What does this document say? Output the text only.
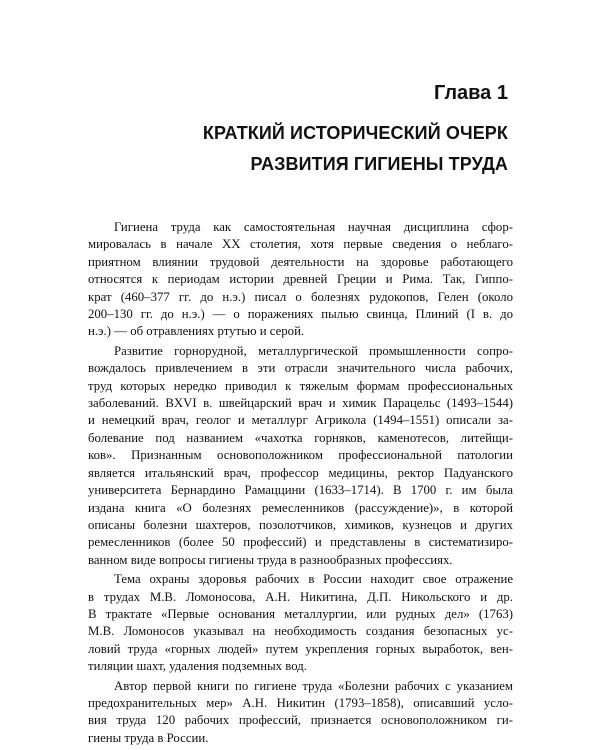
Глава 1
КРАТКИЙ ИСТОРИЧЕСКИЙ ОЧЕРК
РАЗВИТИЯ ГИГИЕНЫ ТРУДА
Гигиена труда как самостоятельная научная дисциплина сфор-
мировалась в начале XX столетия, хотя первые сведения о неблаго-
приятном влиянии трудовой деятельности на здоровье работающего
относятся к периодам истории древней Греции и Рима. Так, Гиппо-
крат (460–377 гг. до н.э.) писал о болезнях рудокопов, Гелен (около
200–130 гг. до н.э.) — о поражениях пылью свинца, Плиний (I в. до
н.э.) — об отравлениях ртутью и серой.
Развитие горнорудной, металлургической промышленности сопро-
вождалось привлечением в эти отрасли значительного числа рабочих,
труд которых нередко приводил к тяжелым формам профессиональных
заболеваний. ВXVI в. швейцарский врач и химик Парацельс (1493–1544)
и немецкий врач, геолог и металлург Агрикола (1494–1551) описали за-
болевание под названием «чахотка горняков, каменотесов, литейщи-
ков». Признанным основоположником профессиональной патологии
является итальянский врач, профессор медицины, ректор Падуанского
университета Бернардино Рамаццини (1633–1714). В 1700 г. им была
издана книга «О болезнях ремесленников (рассуждение)», в которой
описаны болезни шахтеров, позолотчиков, химиков, кузнецов и других
ремесленников (более 50 профессий) и представлены в систематизиро-
ванном виде вопросы гигиены труда в разнообразных профессиях.
Тема охраны здоровья рабочих в России находит свое отражение
в трудах М.В. Ломоносова, А.Н. Никитина, Д.П. Никольского и др.
В трактате «Первые основания металлургии, или рудных дел» (1763)
М.В. Ломоносов указывал на необходимость создания безопасных ус-
ловий труда «горных людей» путем укрепления горных выработок, вен-
тиляции шахт, удаления подземных вод.
Автор первой книги по гигиене труда «Болезни рабочих с указанием
предохранительных мер» А.Н. Никитин (1793–1858), описавший усло-
вия труда 120 рабочих профессий, признается основоположником ги-
гиены труда в России.
